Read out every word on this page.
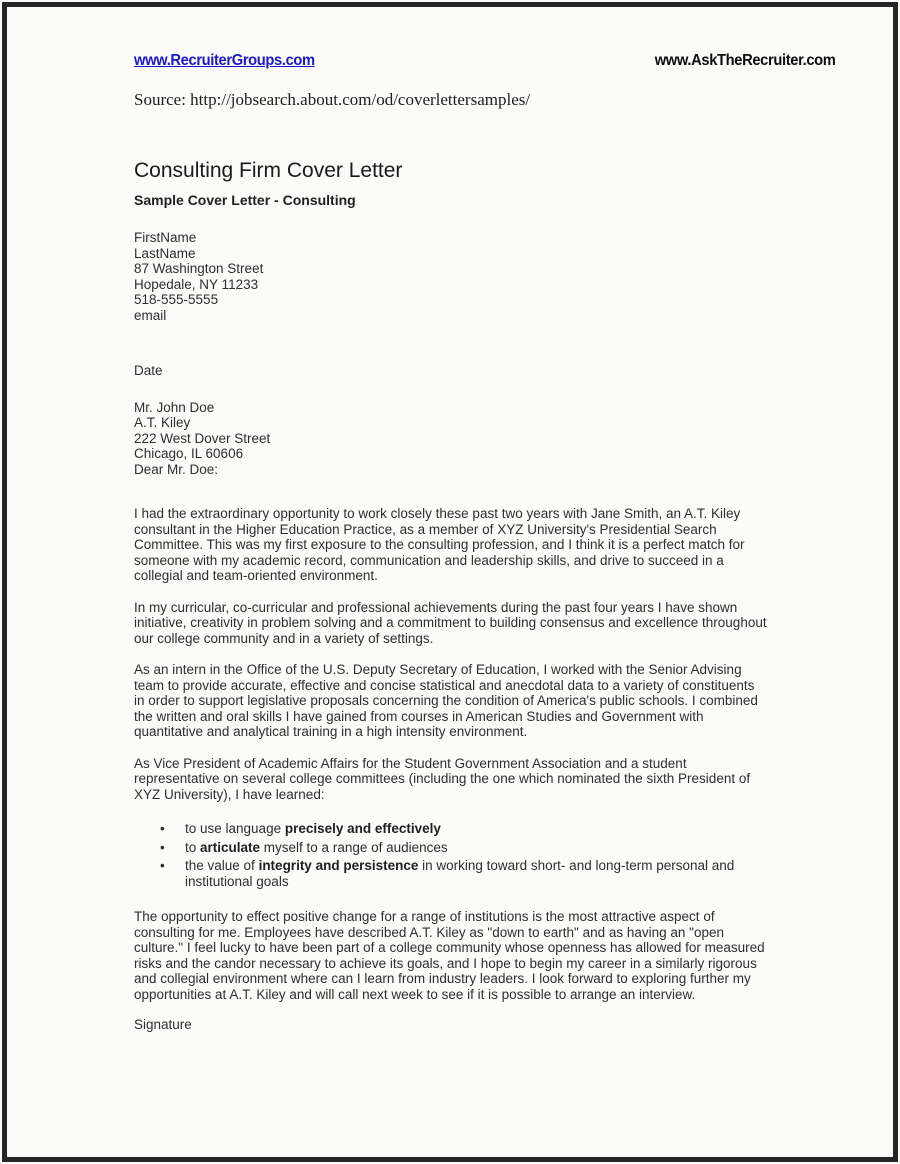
www.RecruiterGroups.com	www.AskTheRecruiter.com
Source: http://jobsearch.about.com/od/coverlettersamples/
Consulting Firm Cover Letter
Sample Cover Letter - Consulting
FirstName
LastName
87 Washington Street
Hopedale, NY 11233
518-555-5555
email
Date
Mr. John Doe
A.T. Kiley
222 West Dover Street
Chicago, IL 60606
Dear Mr. Doe:
I had the extraordinary opportunity to work closely these past two years with Jane Smith, an A.T. Kiley consultant in the Higher Education Practice, as a member of XYZ University's Presidential Search Committee. This was my first exposure to the consulting profession, and I think it is a perfect match for someone with my academic record, communication and leadership skills, and drive to succeed in a collegial and team-oriented environment.
In my curricular, co-curricular and professional achievements during the past four years I have shown initiative, creativity in problem solving and a commitment to building consensus and excellence throughout our college community and in a variety of settings.
As an intern in the Office of the U.S. Deputy Secretary of Education, I worked with the Senior Advising team to provide accurate, effective and concise statistical and anecdotal data to a variety of constituents in order to support legislative proposals concerning the condition of America's public schools. I combined the written and oral skills I have gained from courses in American Studies and Government with quantitative and analytical training in a high intensity environment.
As Vice President of Academic Affairs for the Student Government Association and a student representative on several college committees (including the one which nominated the sixth President of XYZ University), I have learned:
• to use language precisely and effectively
• to articulate myself to a range of audiences
• the value of integrity and persistence in working toward short- and long-term personal and institutional goals
The opportunity to effect positive change for a range of institutions is the most attractive aspect of consulting for me. Employees have described A.T. Kiley as "down to earth" and as having an "open culture." I feel lucky to have been part of a college community whose openness has allowed for measured risks and the candor necessary to achieve its goals, and I hope to begin my career in a similarly rigorous and collegial environment where can I learn from industry leaders. I look forward to exploring further my opportunities at A.T. Kiley and will call next week to see if it is possible to arrange an interview.
Signature
